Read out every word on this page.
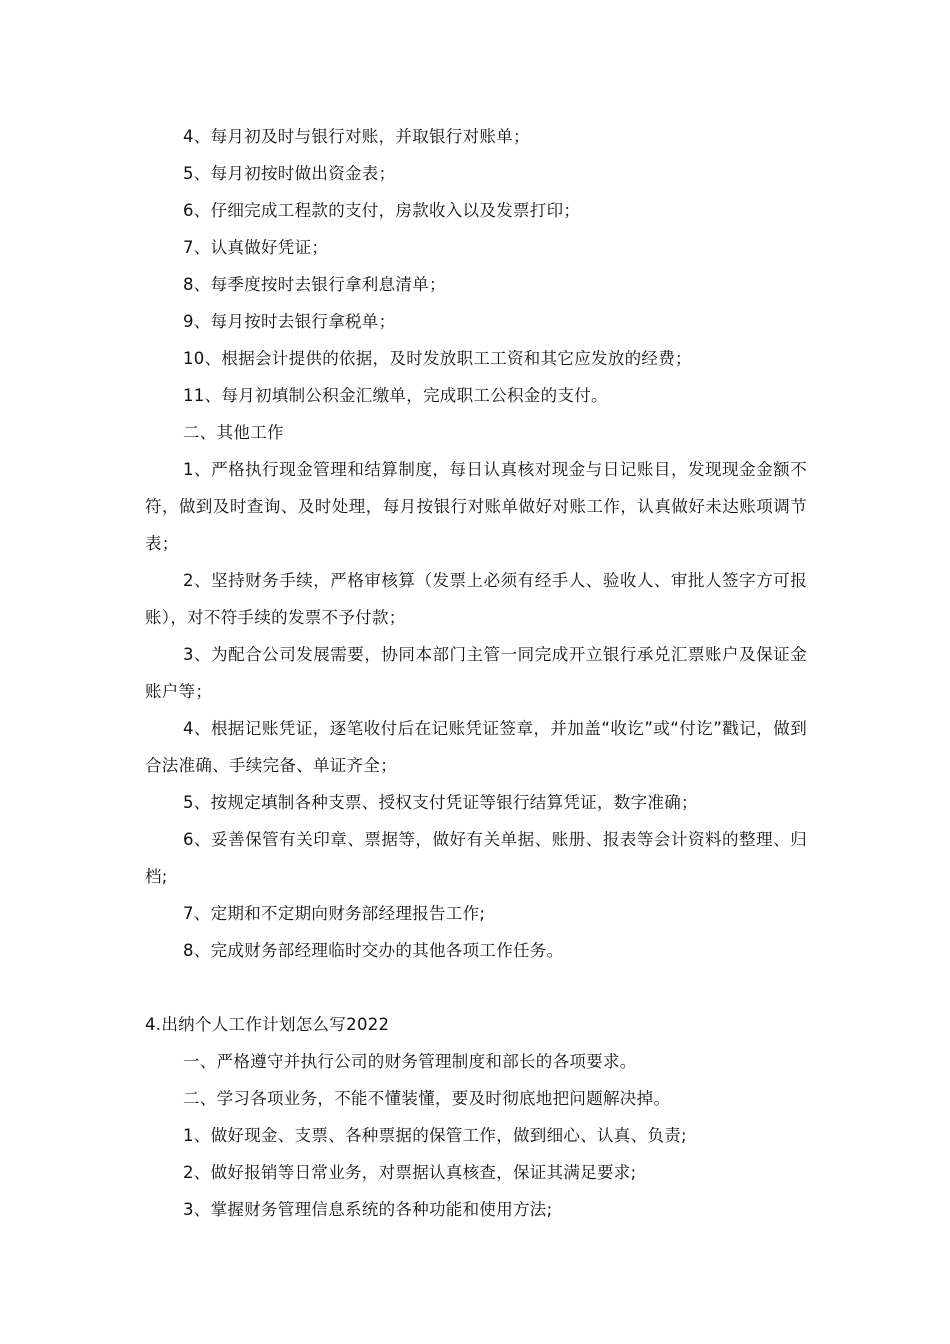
4、每月初及时与银行对账，并取银行对账单；

5、每月初按时做出资金表；

6、仔细完成工程款的支付，房款收入以及发票打印；

7、认真做好凭证；

8、每季度按时去银行拿利息清单；

9、每月按时去银行拿税单；

10、根据会计提供的依据，及时发放职工工资和其它应发放的经费；

11、每月初填制公积金汇缴单，完成职工公积金的支付。

二、其他工作

1、严格执行现金管理和结算制度，每日认真核对现金与日记账目，发现现金金额不符，做到及时查询、及时处理，每月按银行对账单做好对账工作，认真做好未达账项调节表；

2、坚持财务手续，严格审核算（发票上必须有经手人、验收人、审批人签字方可报账），对不符手续的发票不予付款；

3、为配合公司发展需要，协同本部门主管一同完成开立银行承兑汇票账户及保证金账户等；

4、根据记账凭证，逐笔收付后在记账凭证签章，并加盖“收讫”或“付讫”戳记，做到合法准确、手续完备、单证齐全；

5、按规定填制各种支票、授权支付凭证等银行结算凭证，数字准确；

6、妥善保管有关印章、票据等，做好有关单据、账册、报表等会计资料的整理、归档;

7、定期和不定期向财务部经理报告工作;

8、完成财务部经理临时交办的其他各项工作任务。

4.出纳个人工作计划怎么写2022

一、严格遵守并执行公司的财务管理制度和部长的各项要求。

二、学习各项业务，不能不懂装懂，要及时彻底地把问题解决掉。

1、做好现金、支票、各种票据的保管工作，做到细心、认真、负责;

2、做好报销等日常业务，对票据认真核查，保证其满足要求;

3、掌握财务管理信息系统的各种功能和使用方法;
